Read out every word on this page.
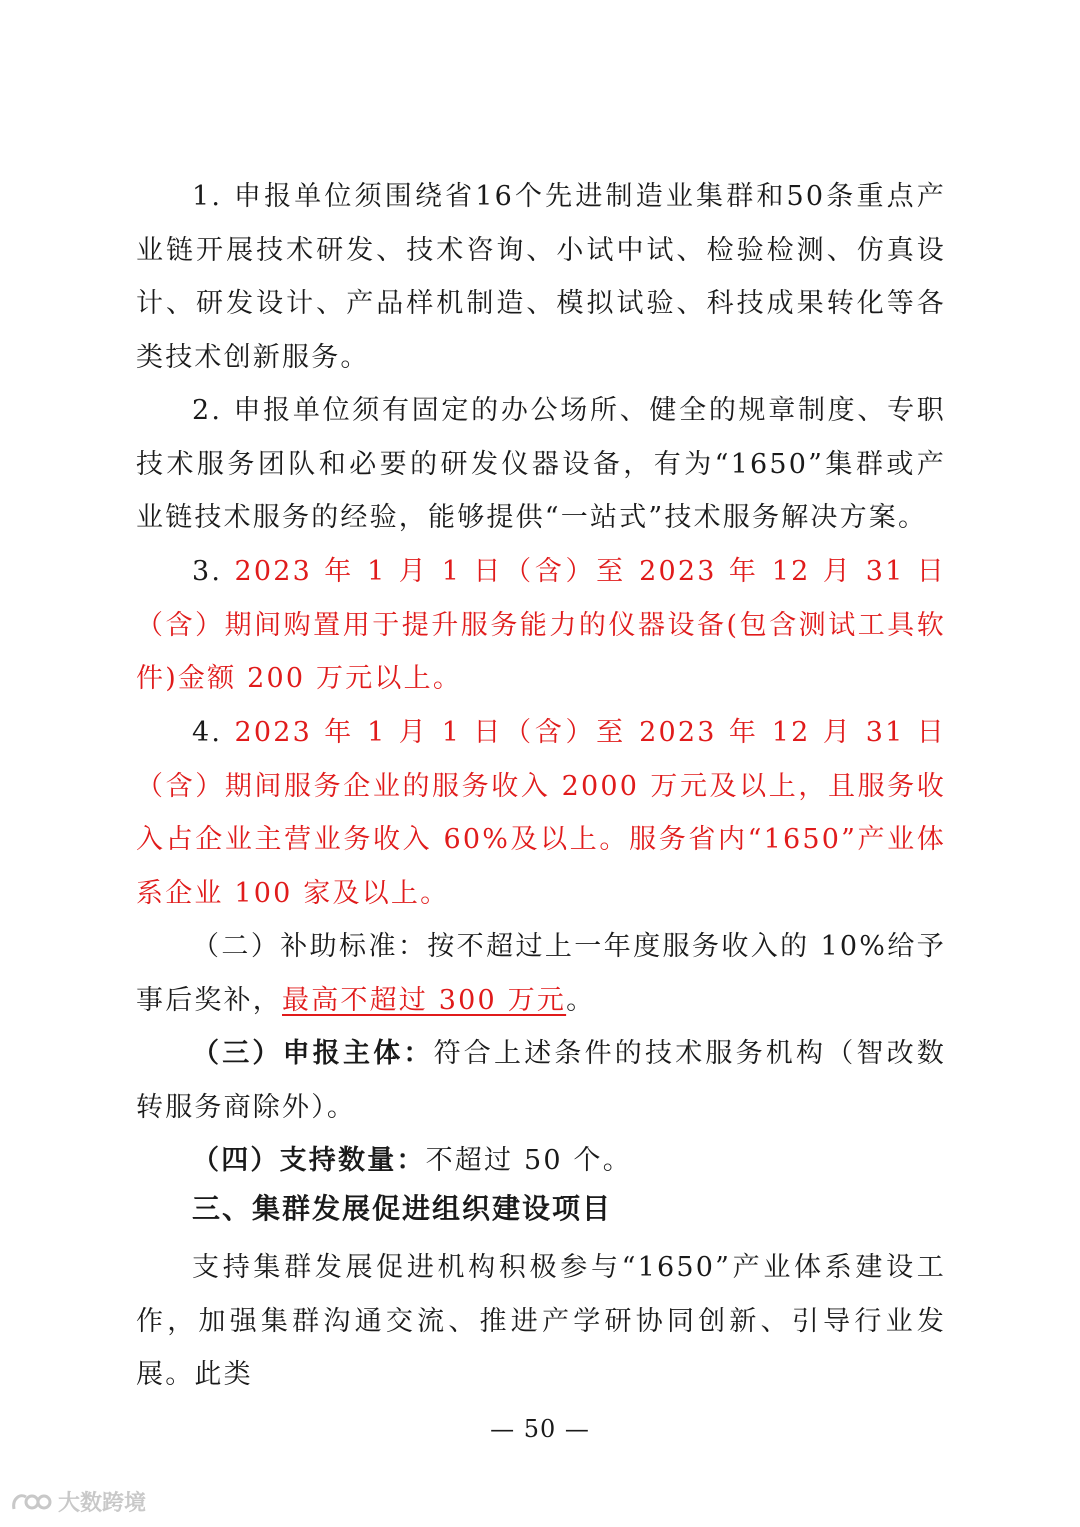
1. 申报单位须围绕省16个先进制造业集群和50条重点产业链开展技术研发、技术咨询、小试中试、检验检测、仿真设计、研发设计、产品样机制造、模拟试验、科技成果转化等各类技术创新服务。

2. 申报单位须有固定的办公场所、健全的规章制度、专职技术服务团队和必要的研发仪器设备，有为“1650”集群或产业链技术服务的经验，能够提供“一站式”技术服务解决方案。

3. 2023 年 1 月 1 日（含）至 2023 年 12 月 31 日（含）期间购置用于提升服务能力的仪器设备(包含测试工具软件)金额 200 万元以上。

4. 2023 年 1 月 1 日（含）至 2023 年 12 月 31 日（含）期间服务企业的服务收入 2000 万元及以上，且服务收入占企业主营业务收入 60%及以上。服务省内“1650”产业体系企业 100 家及以上。

（二）补助标准：按不超过上一年度服务收入的 10%给予事后奖补，最高不超过 300 万元。

（三）申报主体：符合上述条件的技术服务机构（智改数转服务商除外）。

（四）支持数量：不超过 50 个。

三、集群发展促进组织建设项目

支持集群发展促进机构积极参与“1650”产业体系建设工作，加强集群沟通交流、推进产学研协同创新、引导行业发展。此类

— 50 —
大数跨境
